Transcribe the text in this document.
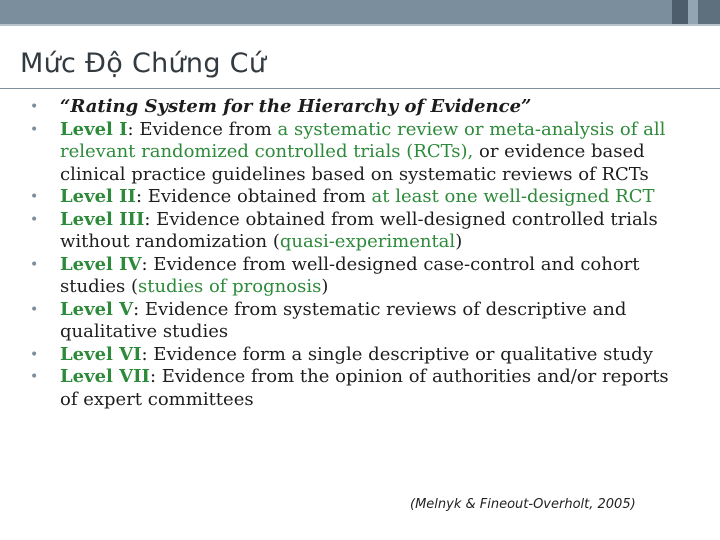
Mức Độ Chứng Cứ

•	“Rating System for the Hierarchy of Evidence”

•	Level I: Evidence from a systematic review or meta-analysis of all relevant randomized controlled trials (RCTs), or evidence based clinical practice guidelines based on systematic reviews of RCTs

•	Level II: Evidence obtained from at least one well-designed RCT

•	Level III: Evidence obtained from well-designed controlled trials without randomization (quasi-experimental)

•	Level IV: Evidence from well-designed case-control and cohort studies (studies of prognosis)

•	Level V: Evidence from systematic reviews of descriptive and qualitative studies

•	Level VI: Evidence form a single descriptive or qualitative study

•	Level VII: Evidence from the opinion of authorities and/or reports of expert committees

(Melnyk & Fineout-Overholt, 2005)
